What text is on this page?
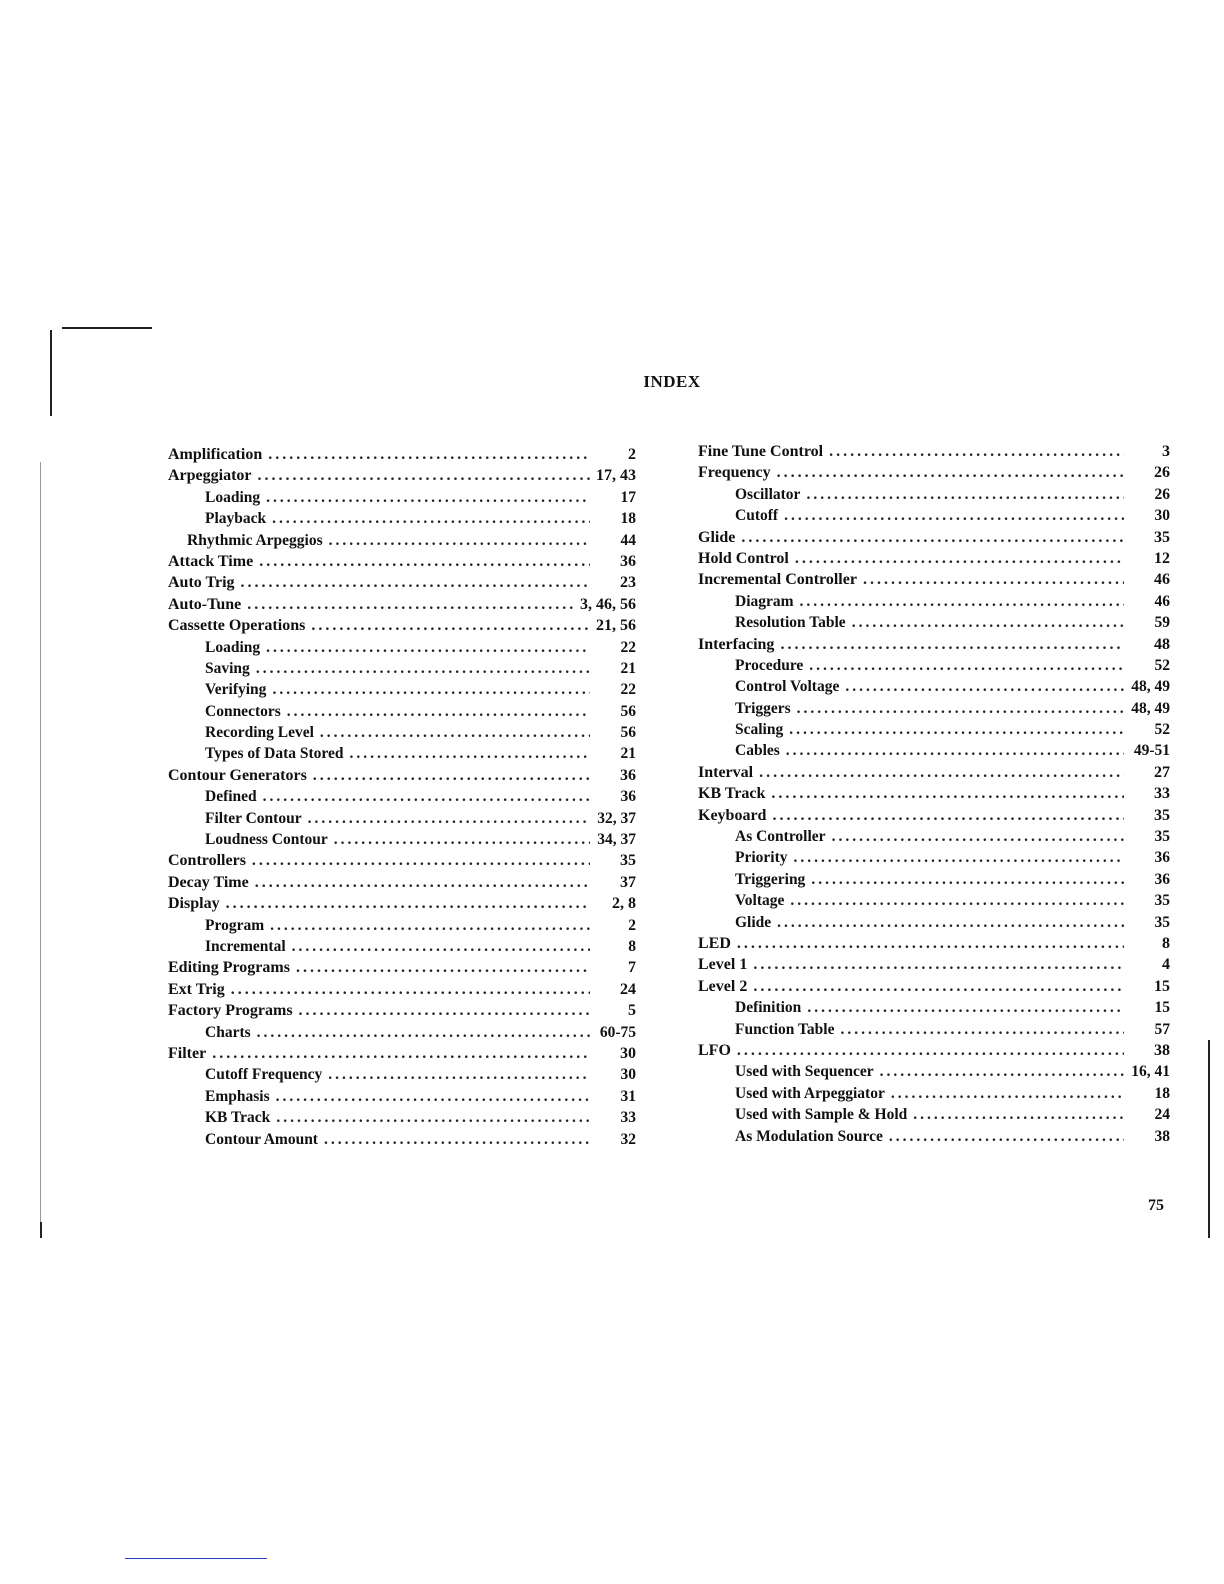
INDEX
Amplification .....	2
Arpeggiator .....	17, 43
Loading .....	17
Playback .....	18
Rhythmic Arpeggios .....	44
Attack Time .....	36
Auto Trig .....	23
Auto-Tune .....	3, 46, 56
Cassette Operations .....	21, 56
Loading .....	22
Saving .....	21
Verifying .....	22
Connectors .....	56
Recording Level .....	56
Types of Data Stored .....	21
Contour Generators .....	36
Defined .....	36
Filter Contour .....	32, 37
Loudness Contour .....	34, 37
Controllers .....	35
Decay Time .....	37
Display .....	2, 8
Program .....	2
Incremental .....	8
Editing Programs .....	7
Ext Trig .....	24
Factory Programs .....	5
Charts .....	60-75
Filter .....	30
Cutoff Frequency .....	30
Emphasis .....	31
KB Track .....	33
Contour Amount .....	32
Fine Tune Control .....	3
Frequency .....	26
Oscillator .....	26
Cutoff .....	30
Glide .....	35
Hold Control .....	12
Incremental Controller .....	46
Diagram .....	46
Resolution Table .....	59
Interfacing .....	48
Procedure .....	52
Control Voltage .....	48, 49
Triggers .....	48, 49
Scaling .....	52
Cables .....	49-51
Interval .....	27
KB Track .....	33
Keyboard .....	35
As Controller .....	35
Priority .....	36
Triggering .....	36
Voltage .....	35
Glide .....	35
LED .....	8
Level 1 .....	4
Level 2 .....	15
Definition .....	15
Function Table .....	57
LFO .....	38
Used with Sequencer .....	16, 41
Used with Arpeggiator .....	18
Used with Sample & Hold .....	24
As Modulation Source .....	38
75
